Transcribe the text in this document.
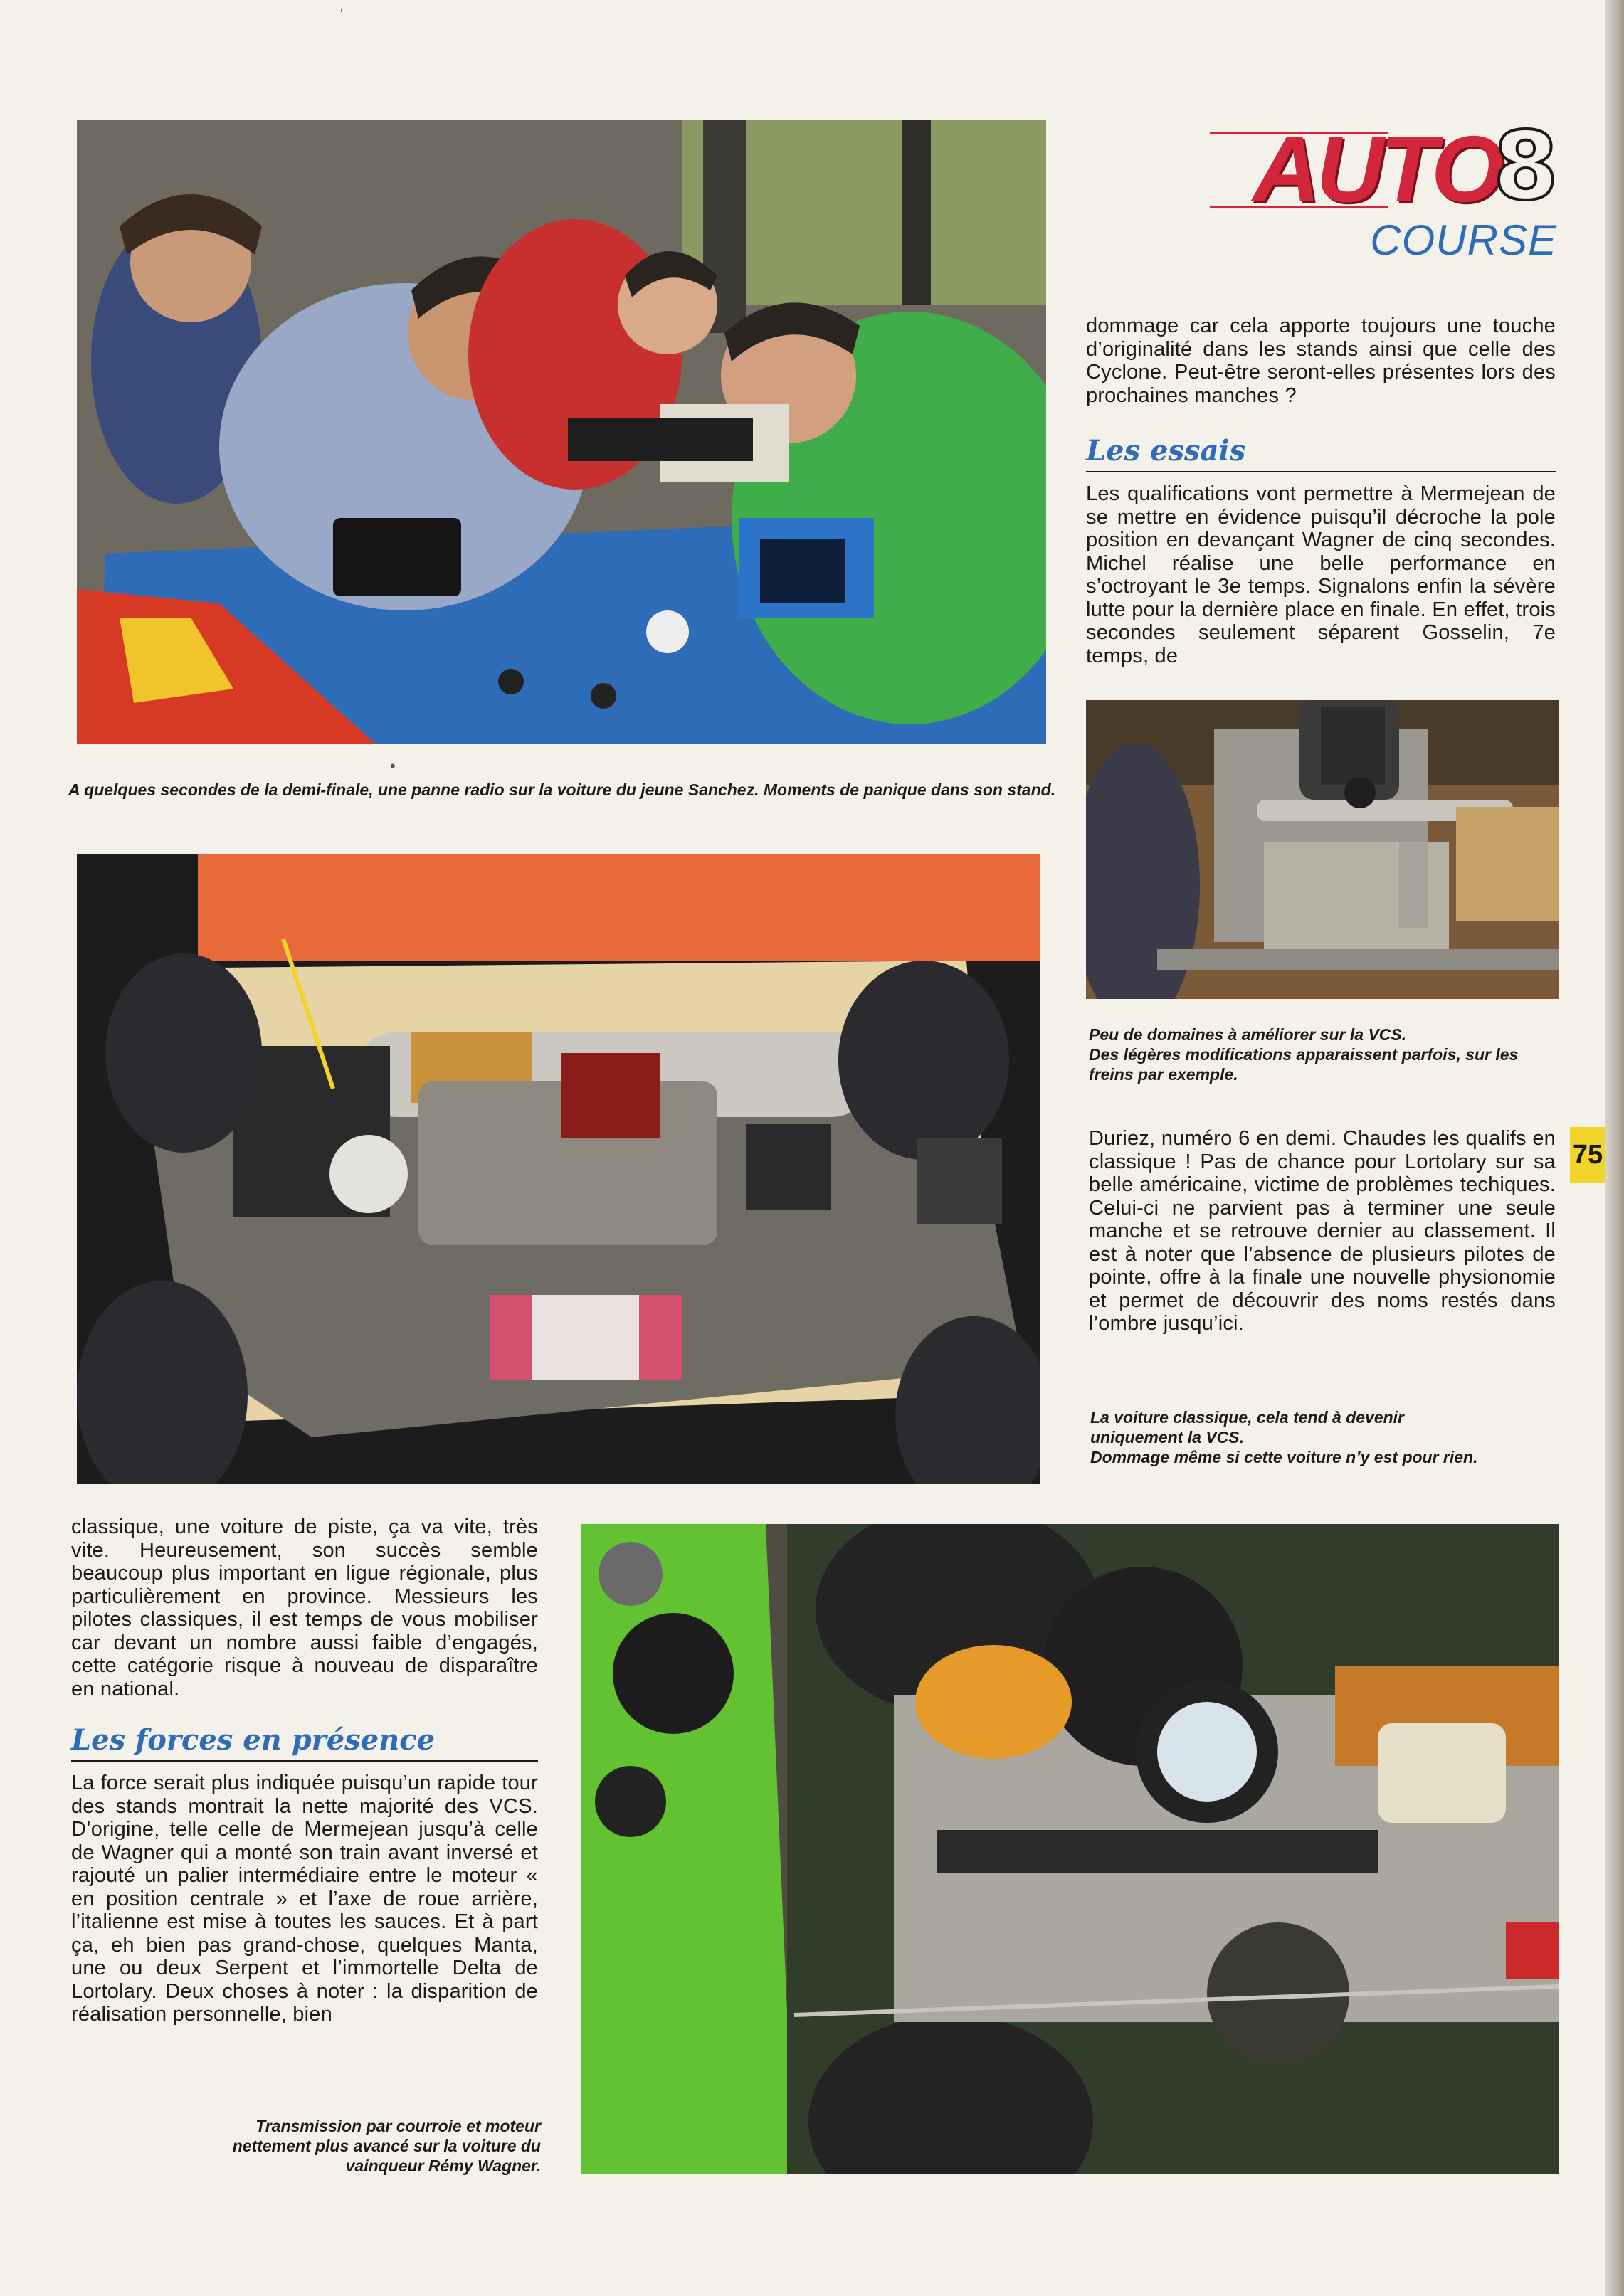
AUTO
8
COURSE

dommage car cela apporte toujours une touche d’originalité dans les stands ainsi que celle des Cyclone. Peut-être seront-elles présentes lors des prochaines manches ?

Les essais

Les qualifications vont permettre à Mermejean de se mettre en évidence puisqu’il décroche la pole position en devançant Wagner de cinq secondes. Michel réalise une belle performance en s’octroyant le 3e temps. Signalons enfin la sévère lutte pour la dernière place en finale. En effet, trois secondes seulement séparent Gosselin, 7e temps, de

Peu de domaines à améliorer sur la VCS.
Des légères modifications apparaissent parfois, sur les freins par exemple.

75

Duriez, numéro 6 en demi. Chaudes les qualifs en classique ! Pas de chance pour Lortolary sur sa belle américaine, victime de problèmes techiques. Celui-ci ne parvient pas à terminer une seule manche et se retrouve dernier au classement. Il est à noter que l’absence de plusieurs pilotes de pointe, offre à la finale une nouvelle physionomie et permet de découvrir des noms restés dans l’ombre jusqu’ici.

La voiture classique, cela tend à devenir uniquement la VCS.
Dommage même si cette voiture n’y est pour rien.

A quelques secondes de la demi-finale, une panne radio sur la voiture du jeune Sanchez. Moments de panique dans son stand.

classique, une voiture de piste, ça va vite, très vite. Heureusement, son succès semble beaucoup plus important en ligue régionale, plus particulièrement en province. Messieurs les pilotes classiques, il est temps de vous mobiliser car devant un nombre aussi faible d’engagés, cette catégorie risque à nouveau de disparaître en national.

Les forces en présence

La force serait plus indiquée puisqu’un rapide tour des stands montrait la nette majorité des VCS. D’origine, telle celle de Mermejean jusqu’à celle de Wagner qui a monté son train avant inversé et rajouté un palier intermédiaire entre le moteur « en position centrale » et l’axe de roue arrière, l’italienne est mise à toutes les sauces. Et à part ça, eh bien pas grand-chose, quelques Manta, une ou deux Serpent et l’immortelle Delta de Lortolary. Deux choses à noter : la disparition de réalisation personnelle, bien

Transmission par courroie et moteur nettement plus avancé sur la voiture du vainqueur Rémy Wagner.

'
•
